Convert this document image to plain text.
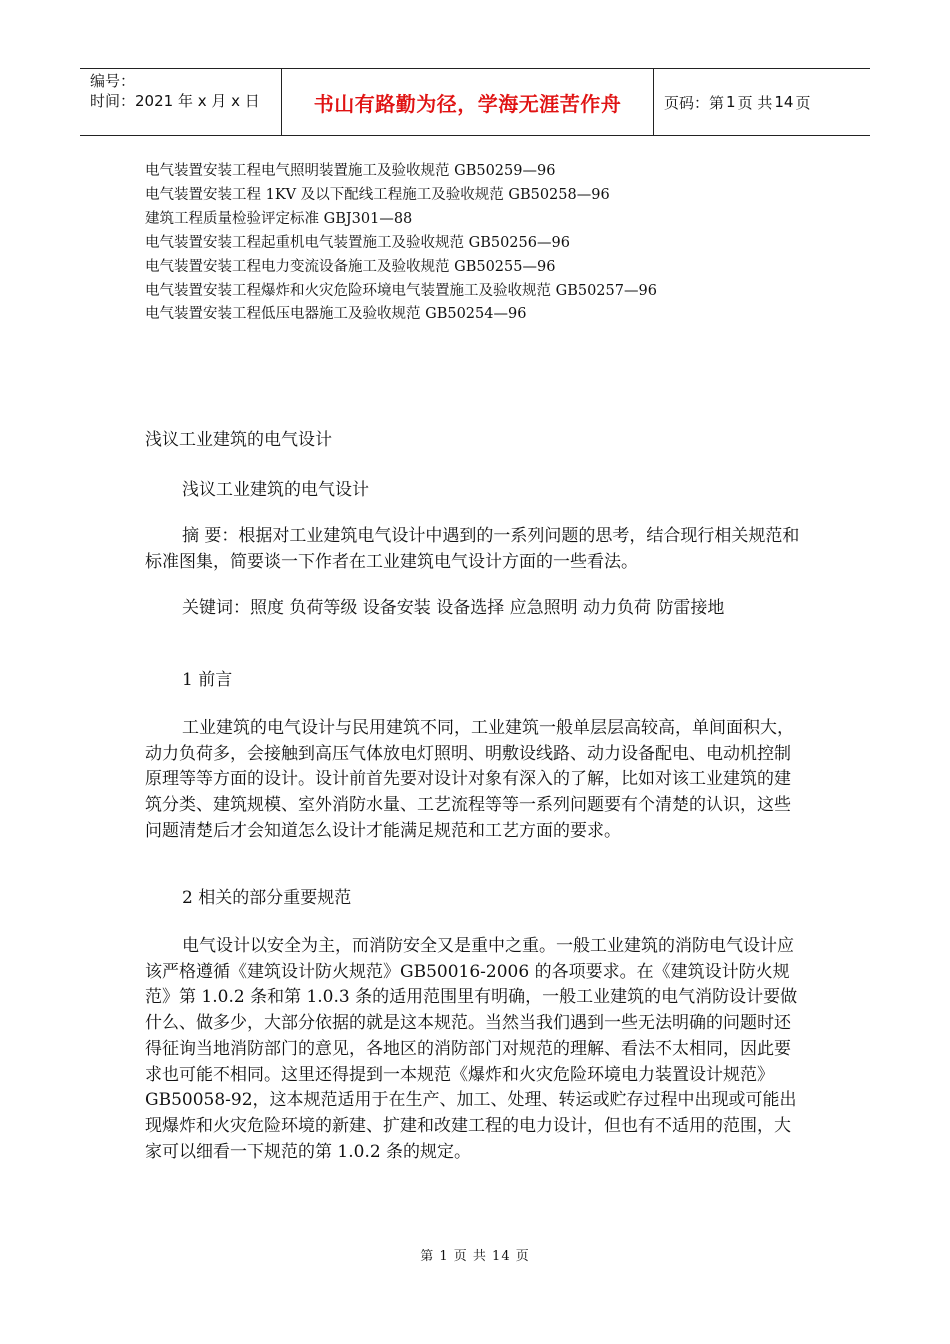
编号：
时间：2021 年 x 月 x 日	书山有路勤为径，学海无涯苦作舟	页码：第 1 页 共 14 页
电气装置安装工程电气照明装置施工及验收规范 GB50259—96
电气装置安装工程 1KV 及以下配线工程施工及验收规范 GB50258—96
建筑工程质量检验评定标准 GBJ301—88
电气装置安装工程起重机电气装置施工及验收规范 GB50256—96
电气装置安装工程电力变流设备施工及验收规范 GB50255—96
电气装置安装工程爆炸和火灾危险环境电气装置施工及验收规范 GB50257—96
电气装置安装工程低压电器施工及验收规范 GB50254—96

浅议工业建筑的电气设计

浅议工业建筑的电气设计

摘 要：根据对工业建筑电气设计中遇到的一系列问题的思考，结合现行相关规范和标准图集，简要谈一下作者在工业建筑电气设计方面的一些看法。

关键词：照度 负荷等级 设备安装 设备选择 应急照明 动力负荷 防雷接地

1 前言

工业建筑的电气设计与民用建筑不同，工业建筑一般单层层高较高，单间面积大，动力负荷多，会接触到高压气体放电灯照明、明敷设线路、动力设备配电、电动机控制原理等等方面的设计。设计前首先要对设计对象有深入的了解，比如对该工业建筑的建筑分类、建筑规模、室外消防水量、工艺流程等等一系列问题要有个清楚的认识，这些问题清楚后才会知道怎么设计才能满足规范和工艺方面的要求。

2 相关的部分重要规范

电气设计以安全为主，而消防安全又是重中之重。一般工业建筑的消防电气设计应该严格遵循《建筑设计防火规范》GB50016-2006 的各项要求。在《建筑设计防火规范》第 1.0.2 条和第 1.0.3 条的适用范围里有明确，一般工业建筑的电气消防设计要做什么、做多少，大部分依据的就是这本规范。当然当我们遇到一些无法明确的问题时还得征询当地消防部门的意见，各地区的消防部门对规范的理解、看法不太相同，因此要求也可能不相同。这里还得提到一本规范《爆炸和火灾危险环境电力装置设计规范》GB50058-92，这本规范适用于在生产、加工、处理、转运或贮存过程中出现或可能出现爆炸和火灾危险环境的新建、扩建和改建工程的电力设计，但也有不适用的范围，大家可以细看一下规范的第 1.0.2 条的规定。

第 1 页 共 14 页
